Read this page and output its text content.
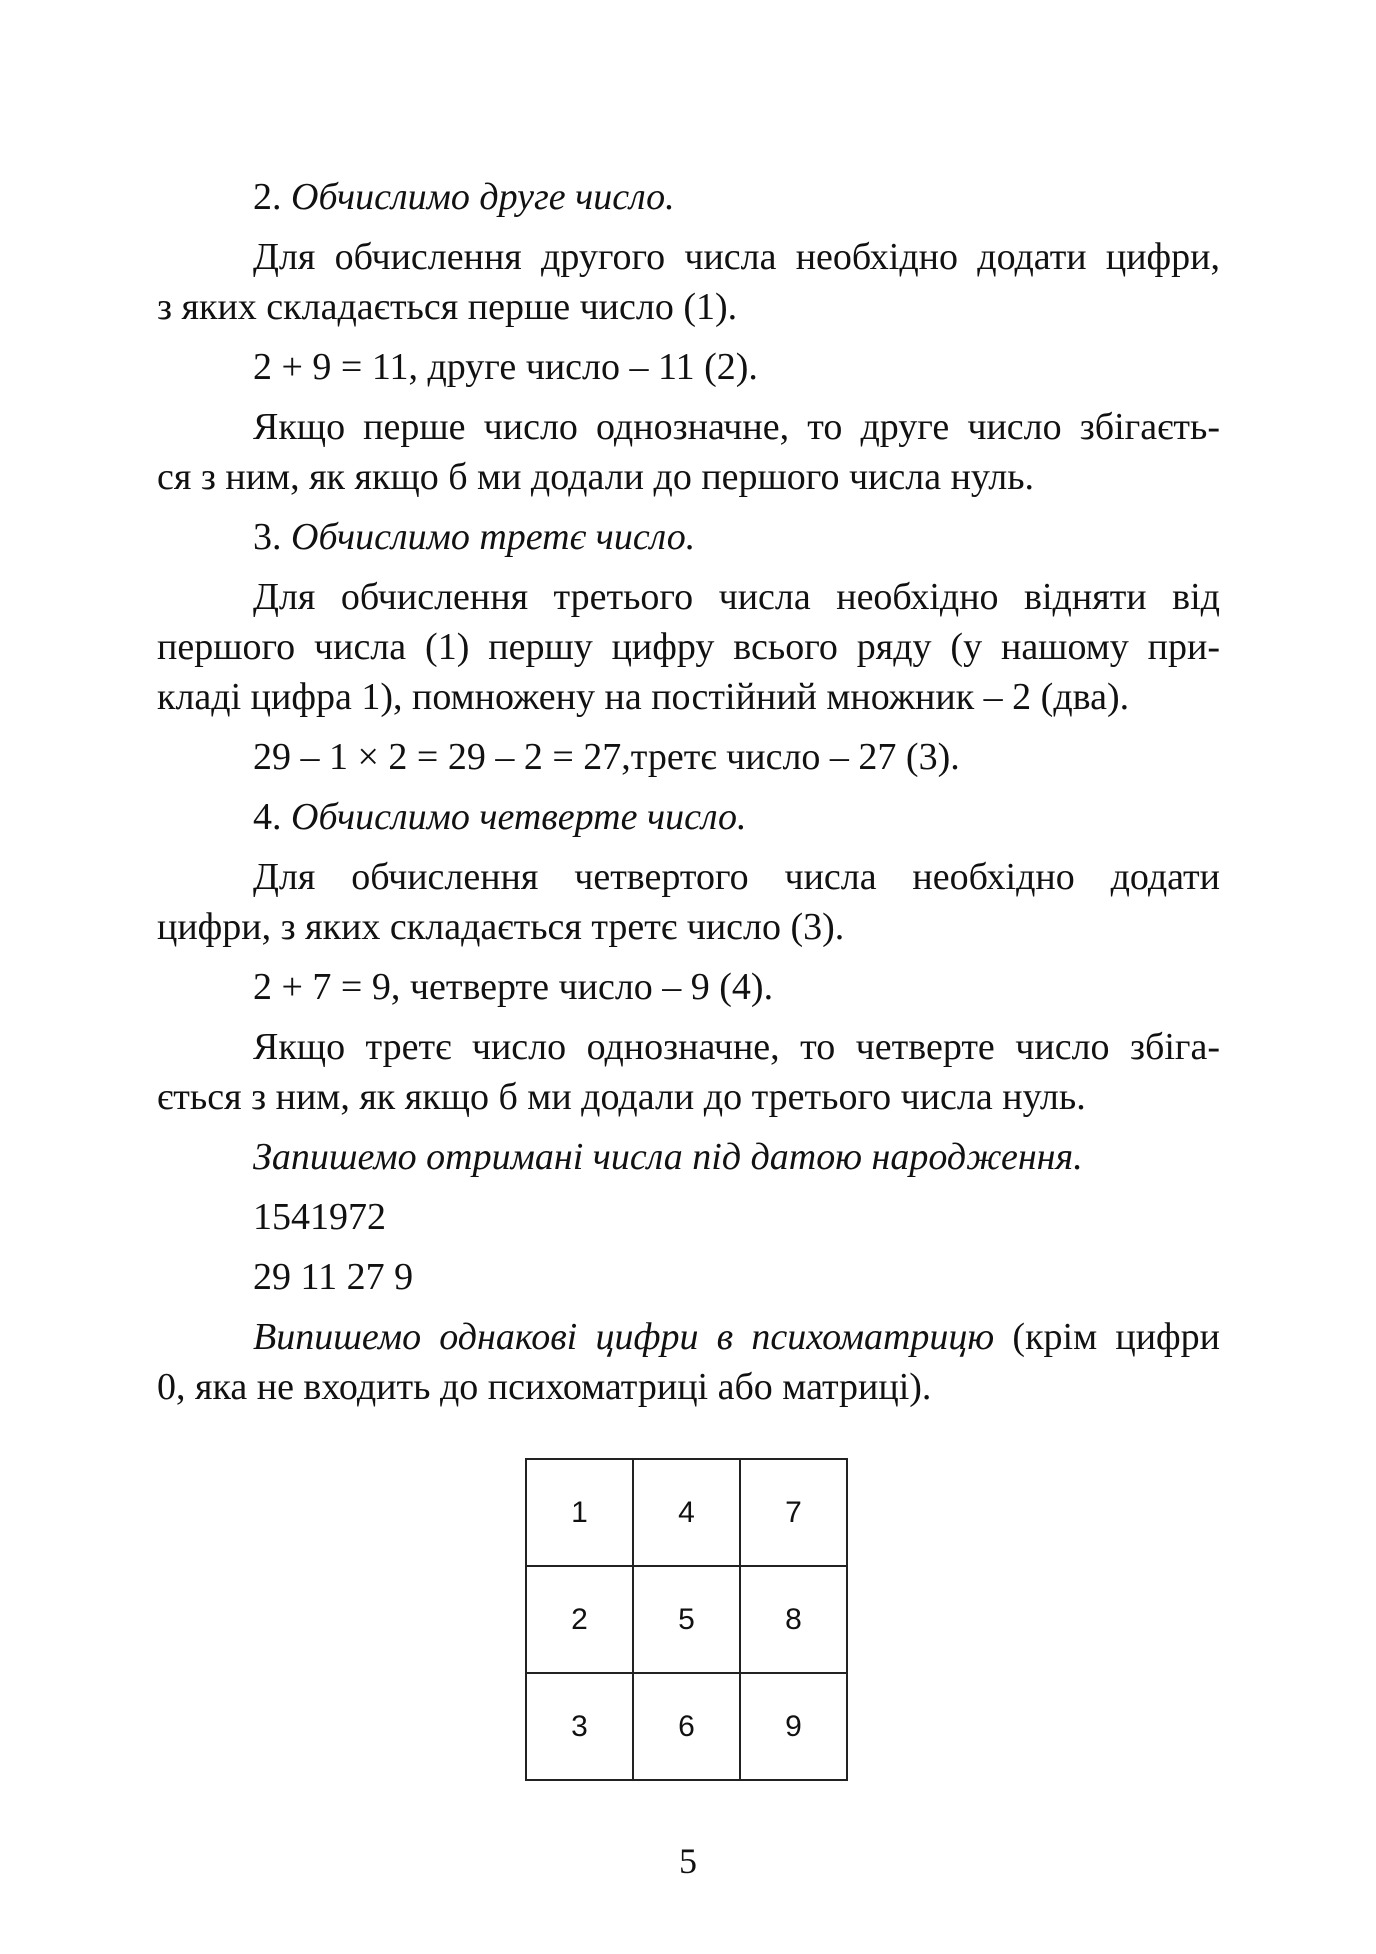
2. Обчислимо друге число.
Для обчислення другого числа необхідно додати цифри,
з яких складається перше число (1).
2 + 9 = 11, друге число – 11 (2).
Якщо перше число однозначне, то друге число збігаєть-
ся з ним, як якщо б ми додали до першого числа нуль.
3. Обчислимо третє число.
Для обчислення третього числа необхідно відняти від
першого числа (1) першу цифру всього ряду (у нашому при-
кладі цифра 1), помножену на постійний множник – 2 (два).
29 – 1 × 2 = 29 – 2 = 27,третє число – 27 (3).
4. Обчислимо четверте число.
Для обчислення четвертого числа необхідно додати
цифри, з яких складається третє число (3).
2 + 7 = 9, четверте число – 9 (4).
Якщо третє число однозначне, то четверте число збіга-
ється з ним, як якщо б ми додали до третього числа нуль.
Запишемо отримані числа під датою народження.
1541972
29 11 27 9
Випишемо однакові цифри в психоматрицю (крім цифри
0, яка не входить до психоматриці або матриці).
1	4	7
2	5	8
3	6	9
5
